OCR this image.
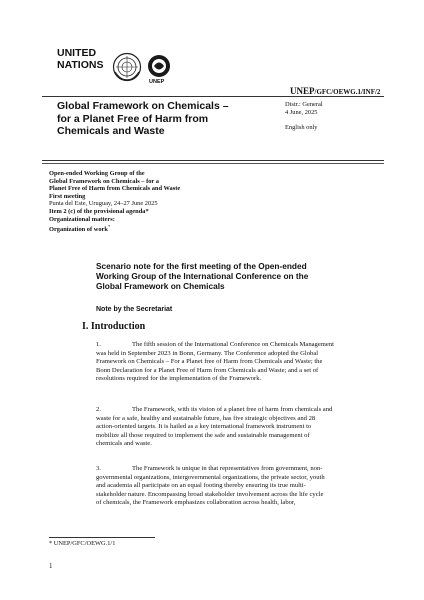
UNITED
NATIONS
UNEP
UNEP/GFC/OEWG.1/INF/2
Global Framework on Chemicals –
for a Planet Free of Harm from
Chemicals and Waste
Distr.: General
4 June, 2025
English only
Open-ended Working Group of the
Global Framework on Chemicals – for a
Planet Free of Harm from Chemicals and Waste
First meeting
Punta del Este, Uruguay, 24–27 June 2025
Item 2 (c) of the provisional agenda*
Organizational matters:
Organization of work*
Scenario note for the first meeting of the Open-ended
Working Group of the International Conference on the
Global Framework on Chemicals
Note by the Secretariat
I. Introduction
1.	The fifth session of the International Conference on Chemicals Management
was held in September 2023 in Bonn, Germany. The Conference adopted the Global
Framework on Chemicals – For a Planet free of Harm from Chemicals and Waste; the
Bonn Declaration for a Planet Free of Harm from Chemicals and Waste; and a set of
resolutions required for the implementation of the Framework.
2.	The Framework, with its vision of a planet free of harm from chemicals and
waste for a safe, healthy and sustainable future, has five strategic objectives and 28
action-oriented targets. It is hailed as a key international framework instrument to
mobilize all those required to implement the safe and sustainable management of
chemicals and waste.
3.	The Framework is unique in that representatives from government, non-
governmental organizations, intergovernmental organizations, the private sector, youth
and academia all participate on an equal footing thereby ensuring its true multi-
stakeholder nature. Encompassing broad stakeholder involvement across the life cycle
of chemicals, the Framework emphasizes collaboration across health, labor,
* UNEP/GFC/OEWG.1/1
1
